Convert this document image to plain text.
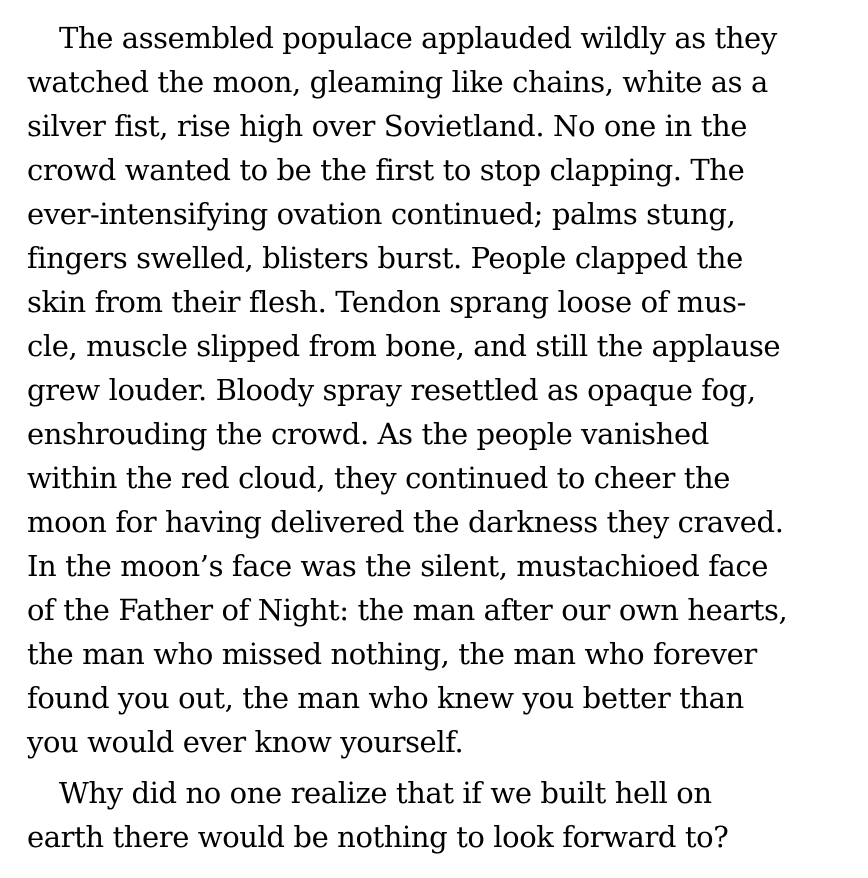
The assembled populace applauded wildly as they
watched the moon, gleaming like chains, white as a
silver fist, rise high over Sovietland. No one in the
crowd wanted to be the first to stop clapping. The
ever-intensifying ovation continued; palms stung,
fingers swelled, blisters burst. People clapped the
skin from their flesh. Tendon sprang loose of mus-
cle, muscle slipped from bone, and still the applause
grew louder. Bloody spray resettled as opaque fog,
enshrouding the crowd. As the people vanished
within the red cloud, they continued to cheer the
moon for having delivered the darkness they craved.
In the moon’s face was the silent, mustachioed face
of the Father of Night: the man after our own hearts,
the man who missed nothing, the man who forever
found you out, the man who knew you better than
you would ever know yourself.

Why did no one realize that if we built hell on
earth there would be nothing to look forward to?
